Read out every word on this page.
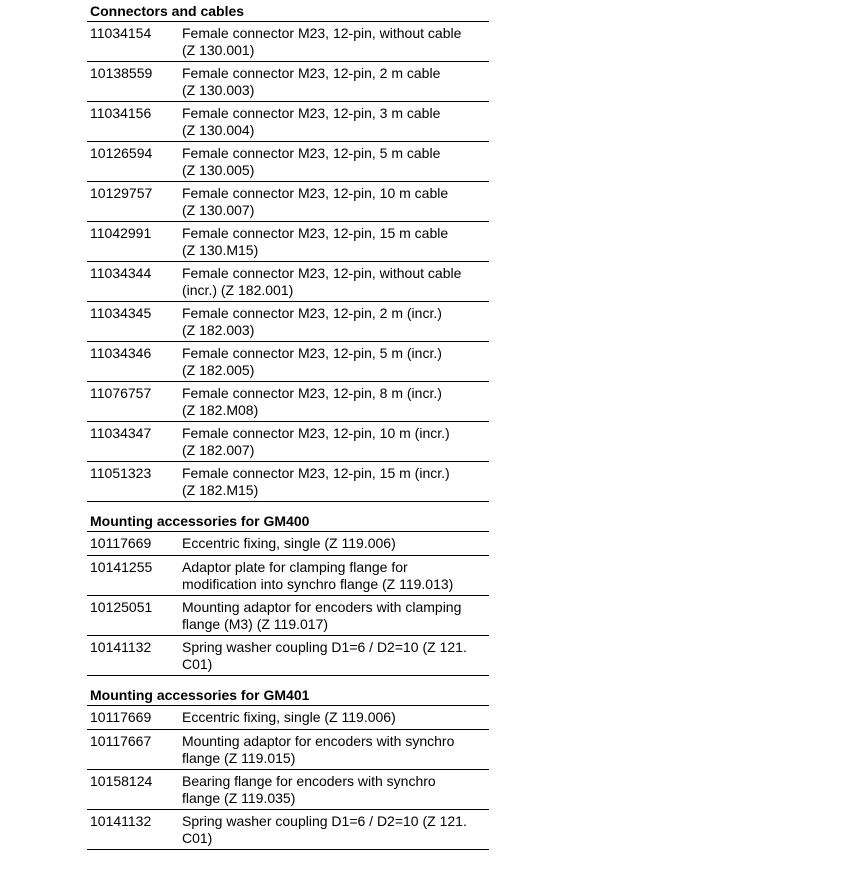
Connectors and cables
11034154	Female connector M23, 12-pin, without cable
(Z 130.001)
10138559	Female connector M23, 12-pin, 2 m cable
(Z 130.003)
11034156	Female connector M23, 12-pin, 3 m cable
(Z 130.004)
10126594	Female connector M23, 12-pin, 5 m cable
(Z 130.005)
10129757	Female connector M23, 12-pin, 10 m cable
(Z 130.007)
11042991	Female connector M23, 12-pin, 15 m cable
(Z 130.M15)
11034344	Female connector M23, 12-pin, without cable
(incr.) (Z 182.001)
11034345	Female connector M23, 12-pin, 2 m (incr.)
(Z 182.003)
11034346	Female connector M23, 12-pin, 5 m (incr.)
(Z 182.005)
11076757	Female connector M23, 12-pin, 8 m (incr.)
(Z 182.M08)
11034347	Female connector M23, 12-pin, 10 m (incr.)
(Z 182.007)
11051323	Female connector M23, 12-pin, 15 m (incr.)
(Z 182.M15)
Mounting accessories for GM400
10117669	Eccentric fixing, single (Z 119.006)
10141255	Adaptor plate for clamping flange for
modification into synchro flange (Z 119.013)
10125051	Mounting adaptor for encoders with clamping
flange (M3) (Z 119.017)
10141132	Spring washer coupling D1=6 / D2=10 (Z 121.
C01)
Mounting accessories for GM401
10117669	Eccentric fixing, single (Z 119.006)
10117667	Mounting adaptor for encoders with synchro
flange (Z 119.015)
10158124	Bearing flange for encoders with synchro
flange (Z 119.035)
10141132	Spring washer coupling D1=6 / D2=10 (Z 121.
C01)
